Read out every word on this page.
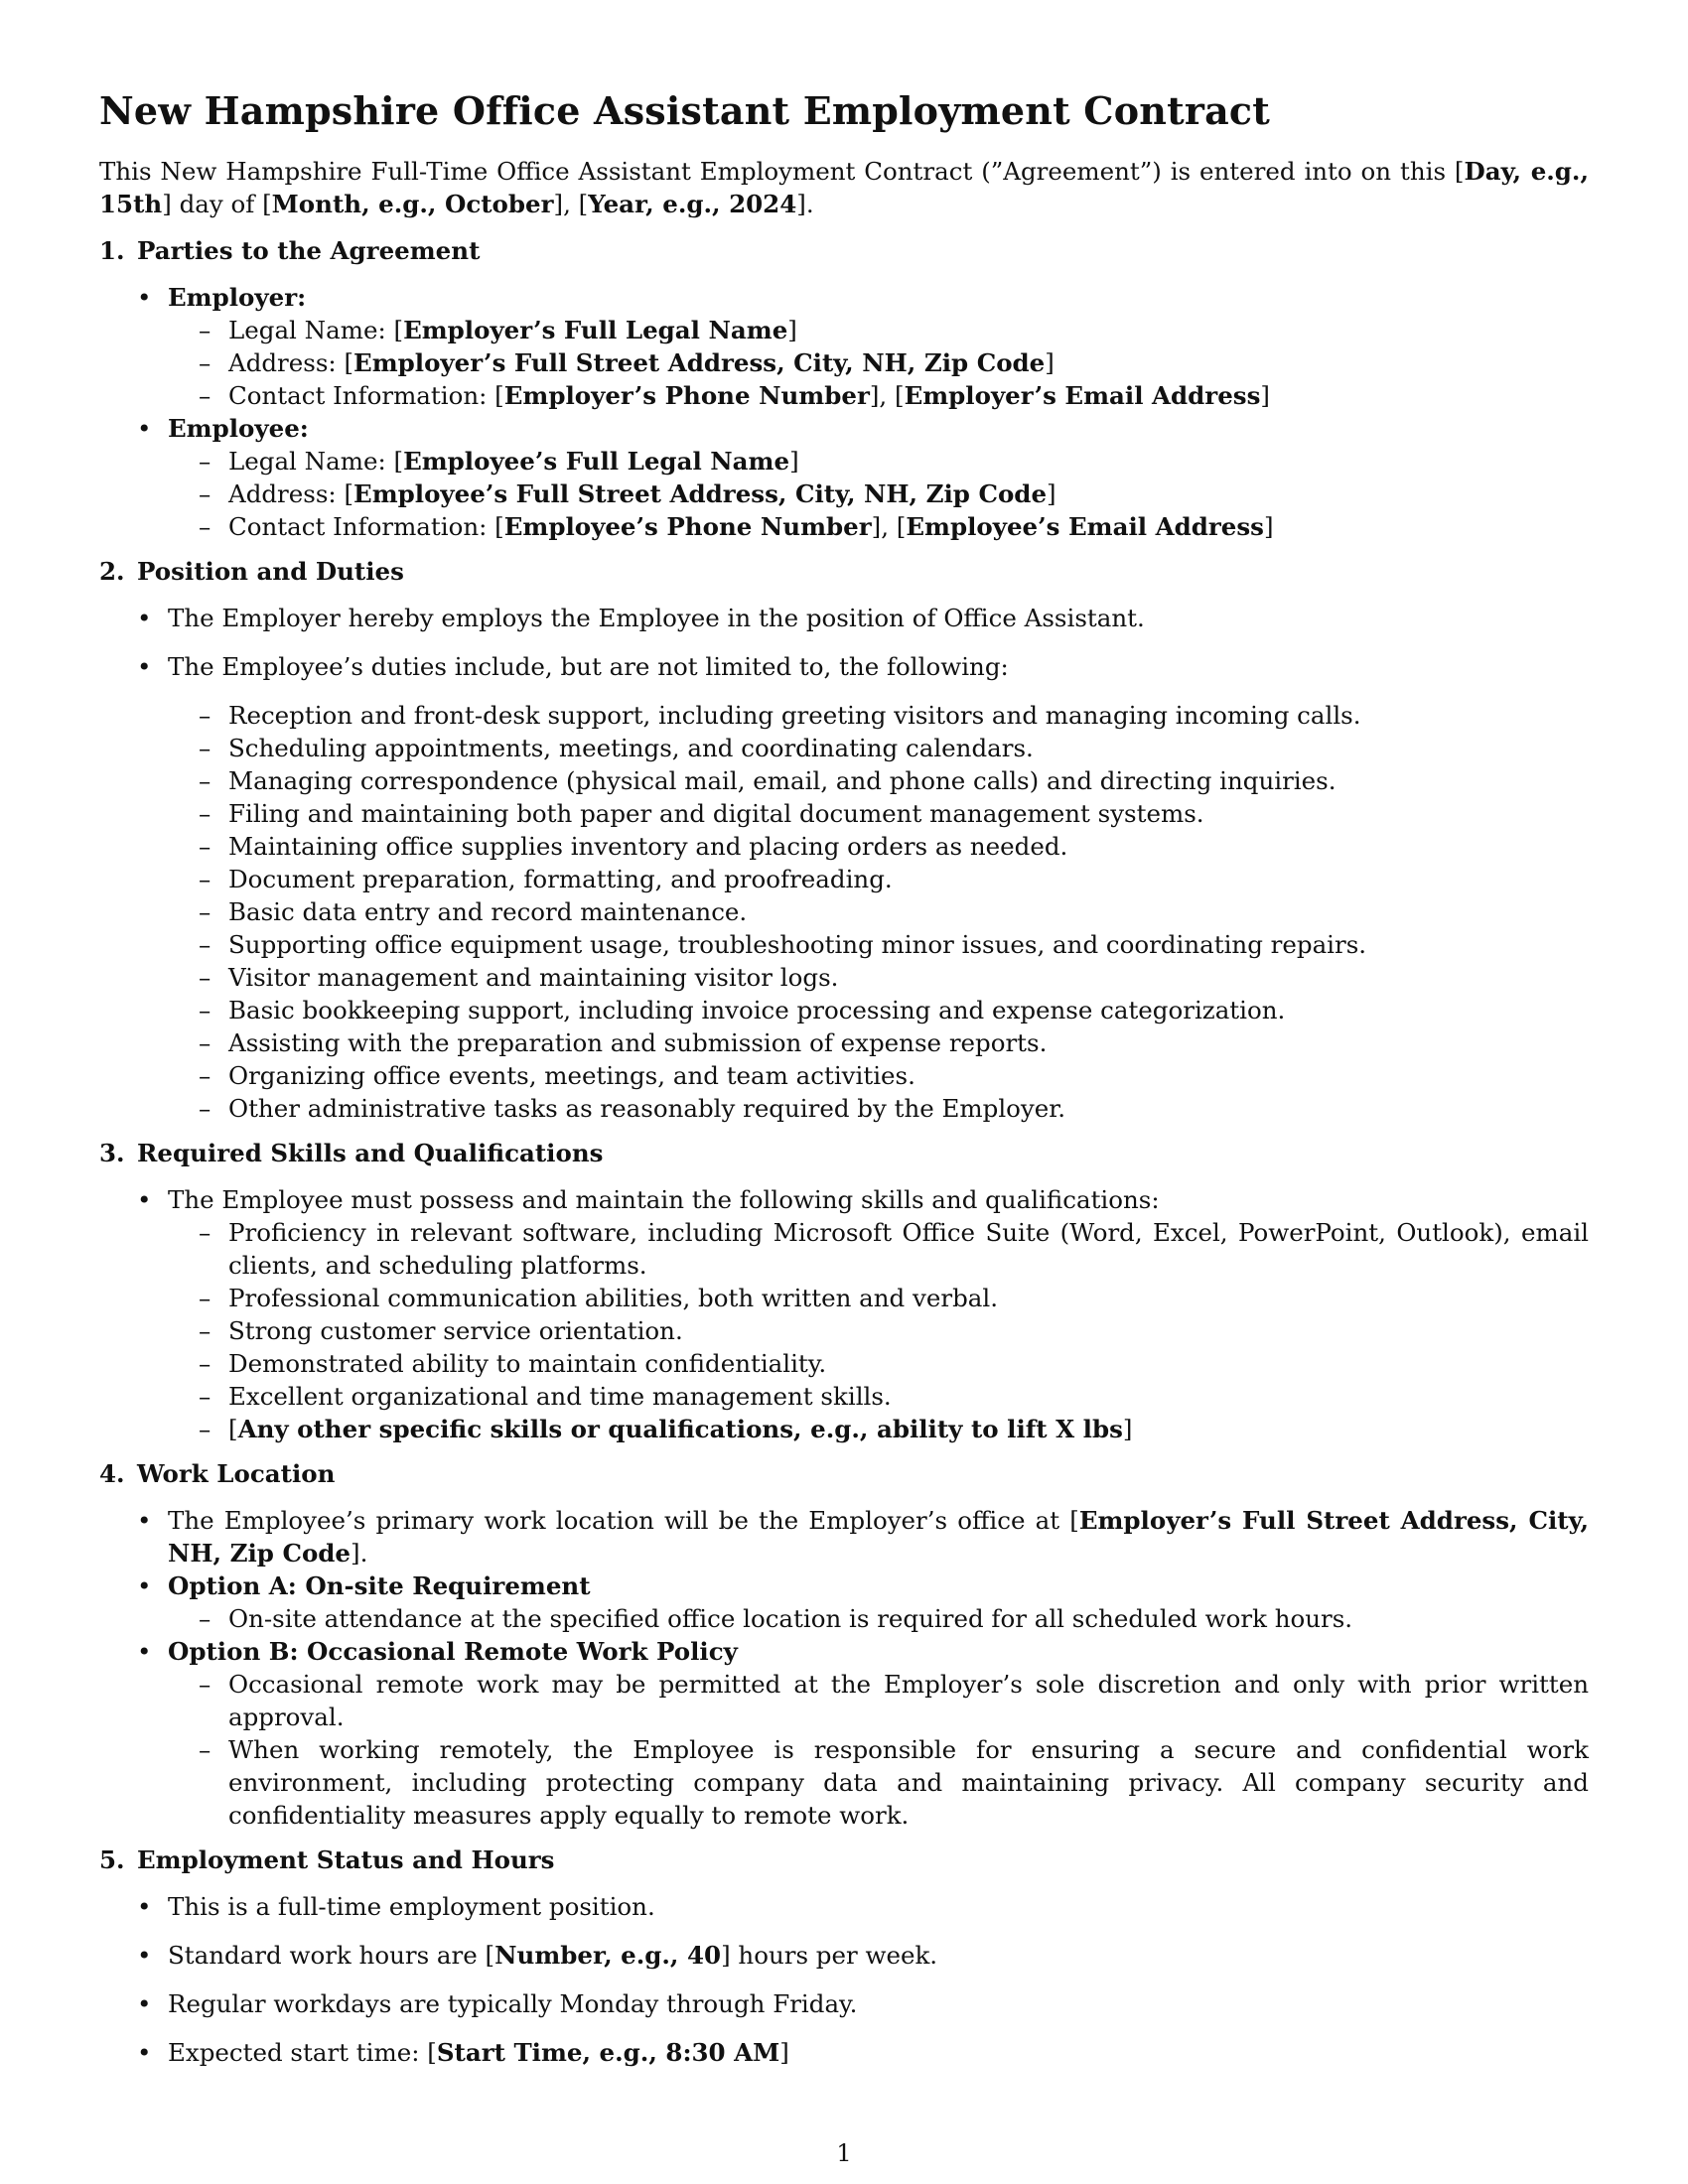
New Hampshire Office Assistant Employment Contract

This New Hampshire Full-Time Office Assistant Employment Contract (”Agreement”) is entered into on this [Day, e.g., 15th] day of [Month, e.g., October], [Year, e.g., 2024].

1. Parties to the Agreement
• Employer:
– Legal Name: [Employer’s Full Legal Name]
– Address: [Employer’s Full Street Address, City, NH, Zip Code]
– Contact Information: [Employer’s Phone Number], [Employer’s Email Address]
• Employee:
– Legal Name: [Employee’s Full Legal Name]
– Address: [Employee’s Full Street Address, City, NH, Zip Code]
– Contact Information: [Employee’s Phone Number], [Employee’s Email Address]
2. Position and Duties
• The Employer hereby employs the Employee in the position of Office Assistant.
• The Employee’s duties include, but are not limited to, the following:
– Reception and front-desk support, including greeting visitors and managing incoming calls.
– Scheduling appointments, meetings, and coordinating calendars.
– Managing correspondence (physical mail, email, and phone calls) and directing inquiries.
– Filing and maintaining both paper and digital document management systems.
– Maintaining office supplies inventory and placing orders as needed.
– Document preparation, formatting, and proofreading.
– Basic data entry and record maintenance.
– Supporting office equipment usage, troubleshooting minor issues, and coordinating repairs.
– Visitor management and maintaining visitor logs.
– Basic bookkeeping support, including invoice processing and expense categorization.
– Assisting with the preparation and submission of expense reports.
– Organizing office events, meetings, and team activities.
– Other administrative tasks as reasonably required by the Employer.
3. Required Skills and Qualifications
• The Employee must possess and maintain the following skills and qualifications:
– Proficiency in relevant software, including Microsoft Office Suite (Word, Excel, PowerPoint, Outlook), email clients, and scheduling platforms.
– Professional communication abilities, both written and verbal.
– Strong customer service orientation.
– Demonstrated ability to maintain confidentiality.
– Excellent organizational and time management skills.
– [Any other specific skills or qualifications, e.g., ability to lift X lbs]
4. Work Location
• The Employee’s primary work location will be the Employer’s office at [Employer’s Full Street Address, City, NH, Zip Code].
• Option A: On-site Requirement
– On-site attendance at the specified office location is required for all scheduled work hours.
• Option B: Occasional Remote Work Policy
– Occasional remote work may be permitted at the Employer’s sole discretion and only with prior written approval.
– When working remotely, the Employee is responsible for ensuring a secure and confidential work environment, including protecting company data and maintaining privacy. All company security and confidentiality measures apply equally to remote work.
5. Employment Status and Hours
• This is a full-time employment position.
• Standard work hours are [Number, e.g., 40] hours per week.
• Regular workdays are typically Monday through Friday.
• Expected start time: [Start Time, e.g., 8:30 AM]
1
